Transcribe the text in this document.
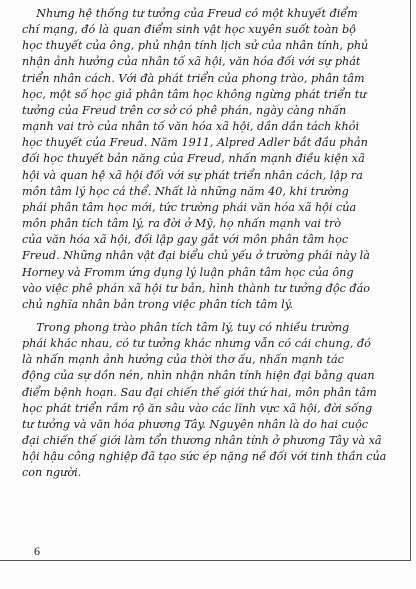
Nhưng hệ thống tư tưởng của Freud có một khuyết điểm
chí mạng, đó là quan điểm sinh vật học xuyên suốt toàn bộ
học thuyết của ông, phủ nhận tính lịch sử của nhân tính, phủ
nhận ảnh hưởng của nhân tố xã hội, văn hóa đối với sự phát
triển nhân cách. Với đà phát triển của phong trào, phân tâm
học, một số học giả phân tâm học không ngừng phát triển tư
tưởng của Freud trên cơ sở có phê phán, ngày càng nhấn
mạnh vai trò của nhân tố văn hóa xã hội, dần dần tách khỏi
học thuyết của Freud. Năm 1911, Alpred Adler bắt đầu phản
đối học thuyết bản năng của Freud, nhấn mạnh điều kiện xã
hội và quan hệ xã hội đối với sự phát triển nhân cách, lập ra
môn tâm lý học cá thể. Nhất là những năm 40, khi trường
phái phân tâm học mới, tức trường phái văn hóa xã hội của
môn phân tích tâm lý, ra đời ở Mỹ, họ nhấn mạnh vai trò
của văn hóa xã hội, đối lập gay gắt với môn phân tâm học
Freud. Những nhân vật đại biểu chủ yếu ở trường phái này là
Horney và Fromm ứng dụng lý luận phân tâm học của ông
vào việc phê phán xã hội tư bản, hình thành tư tưởng độc đáo
chủ nghĩa nhân bản trong việc phân tích tâm lý.

Trong phong trào phân tích tâm lý, tuy có nhiều trường
phái khác nhau, có tư tưởng khác nhưng vẫn có cái chung, đó
là nhấn mạnh ảnh hưởng của thời thơ ấu, nhấn mạnh tác
động của sự dồn nén, nhìn nhận nhân tính hiện đại bằng quan
điểm bệnh hoạn. Sau đại chiến thế giới thứ hai, môn phân tâm
học phát triển rầm rộ ăn sâu vào các lĩnh vực xã hội, đời sống
tư tưởng và văn hóa phương Tây. Nguyên nhân là do hai cuộc
đại chiến thế giới làm tổn thương nhân tính ở phương Tây và xã
hội hậu công nghiệp đã tạo sức ép nặng nề đối với tinh thần của
con người.

6
